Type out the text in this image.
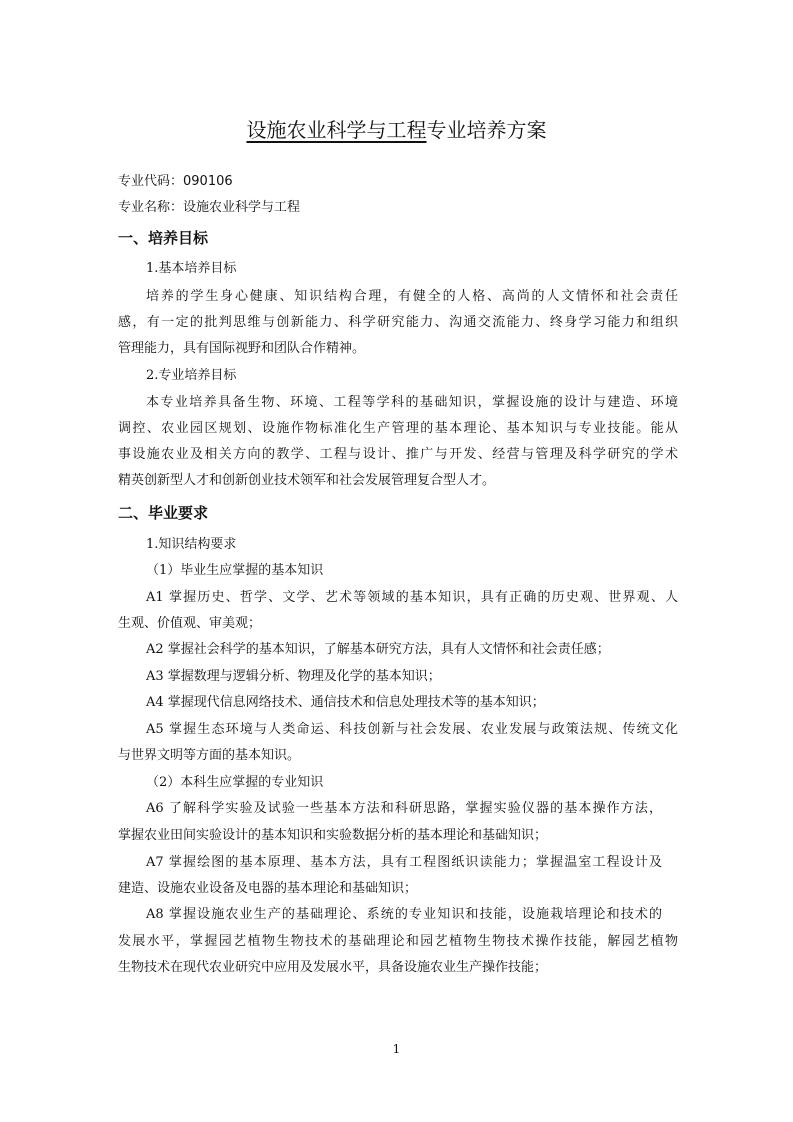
设施农业科学与工程专业培养方案
专业代码：090106
专业名称：设施农业科学与工程
一、培养目标
1.基本培养目标
培养的学生身心健康、知识结构合理，有健全的人格、高尚的人文情怀和社会责任
感，有一定的批判思维与创新能力、科学研究能力、沟通交流能力、终身学习能力和组织
管理能力，具有国际视野和团队合作精神。
2.专业培养目标
本专业培养具备生物、环境、工程等学科的基础知识，掌握设施的设计与建造、环境
调控、农业园区规划、设施作物标准化生产管理的基本理论、基本知识与专业技能。能从
事设施农业及相关方向的教学、工程与设计、推广与开发、经营与管理及科学研究的学术
精英创新型人才和创新创业技术领军和社会发展管理复合型人才。
二、毕业要求
1.知识结构要求
（1）毕业生应掌握的基本知识
A1 掌握历史、哲学、文学、艺术等领域的基本知识，具有正确的历史观、世界观、人
生观、价值观、审美观；
A2 掌握社会科学的基本知识，了解基本研究方法，具有人文情怀和社会责任感；
A3 掌握数理与逻辑分析、物理及化学的基本知识；
A4 掌握现代信息网络技术、通信技术和信息处理技术等的基本知识；
A5 掌握生态环境与人类命运、科技创新与社会发展、农业发展与政策法规、传统文化
与世界文明等方面的基本知识。
（2）本科生应掌握的专业知识
A6 了解科学实验及试验一些基本方法和科研思路，掌握实验仪器的基本操作方法，
掌握农业田间实验设计的基本知识和实验数据分析的基本理论和基础知识；
A7 掌握绘图的基本原理、基本方法，具有工程图纸识读能力；掌握温室工程设计及
建造、设施农业设备及电器的基本理论和基础知识；
A8 掌握设施农业生产的基础理论、系统的专业知识和技能，设施栽培理论和技术的
发展水平，掌握园艺植物生物技术的基础理论和园艺植物生物技术操作技能，解园艺植物
生物技术在现代农业研究中应用及发展水平，具备设施农业生产操作技能；
1
